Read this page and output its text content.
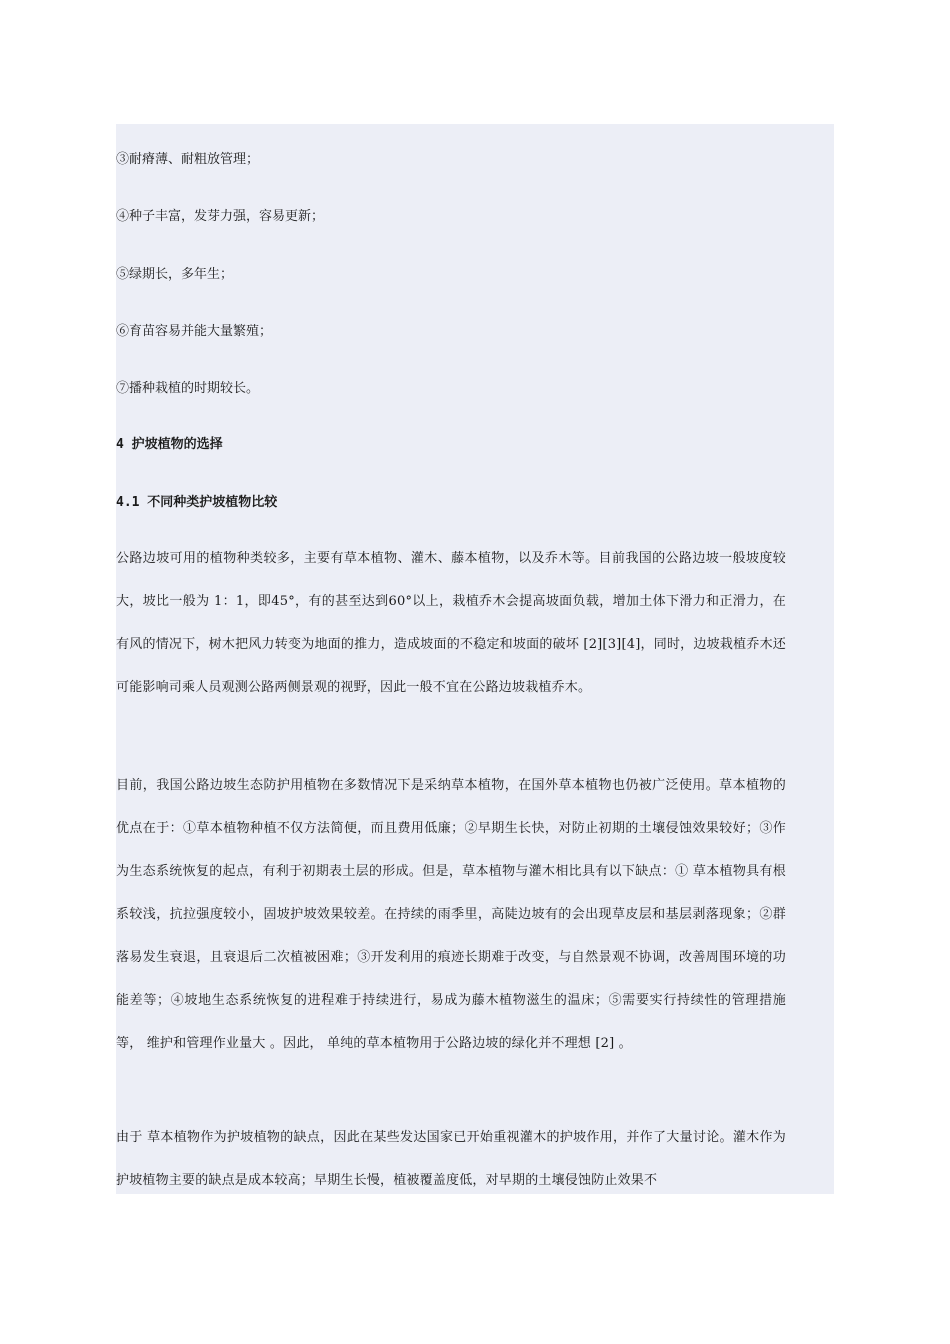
③耐瘠薄、耐粗放管理；
④种子丰富，发芽力强，容易更新；
⑤绿期长，多年生；
⑥育苗容易并能大量繁殖；
⑦播种栽植的时期较长。
4 护坡植物的选择
4.1 不同种类护坡植物比较
公路边坡可用的植物种类较多，主要有草本植物、灌木、藤本植物，以及乔木等。目前我国的公路边坡一般坡度较大，坡比一般为 1：1，即45°，有的甚至达到60°以上，栽植乔木会提高坡面负载，增加土体下滑力和正滑力，在有风的情况下，树木把风力转变为地面的推力，造成坡面的不稳定和坡面的破坏 [2][3][4]，同时，边坡栽植乔木还可能影响司乘人员观测公路两侧景观的视野，因此一般不宜在公路边坡栽植乔木。
目前，我国公路边坡生态防护用植物在多数情况下是采纳草本植物，在国外草本植物也仍被广泛使用。草本植物的优点在于：①草本植物种植不仅方法简便，而且费用低廉；②早期生长快，对防止初期的土壤侵蚀效果较好；③作为生态系统恢复的起点，有利于初期表土层的形成。但是，草本植物与灌木相比具有以下缺点：① 草本植物具有根系较浅，抗拉强度较小，固坡护坡效果较差。在持续的雨季里，高陡边坡有的会出现草皮层和基层剥落现象；②群落易发生衰退，且衰退后二次植被困难；③开发利用的痕迹长期难于改变，与自然景观不协调，改善周围环境的功能差等；④坡地生态系统恢复的进程难于持续进行，易成为藤木植物滋生的温床；⑤需要实行持续性的管理措施等， 维护和管理作业量大 。因此， 单纯的草本植物用于公路边坡的绿化并不理想 [2] 。
由于 草本植物作为护坡植物的缺点，因此在某些发达国家已开始重视灌木的护坡作用，并作了大量讨论。灌木作为护坡植物主要的缺点是成本较高；早期生长慢，植被覆盖度低，对早期的土壤侵蚀防止效果不
